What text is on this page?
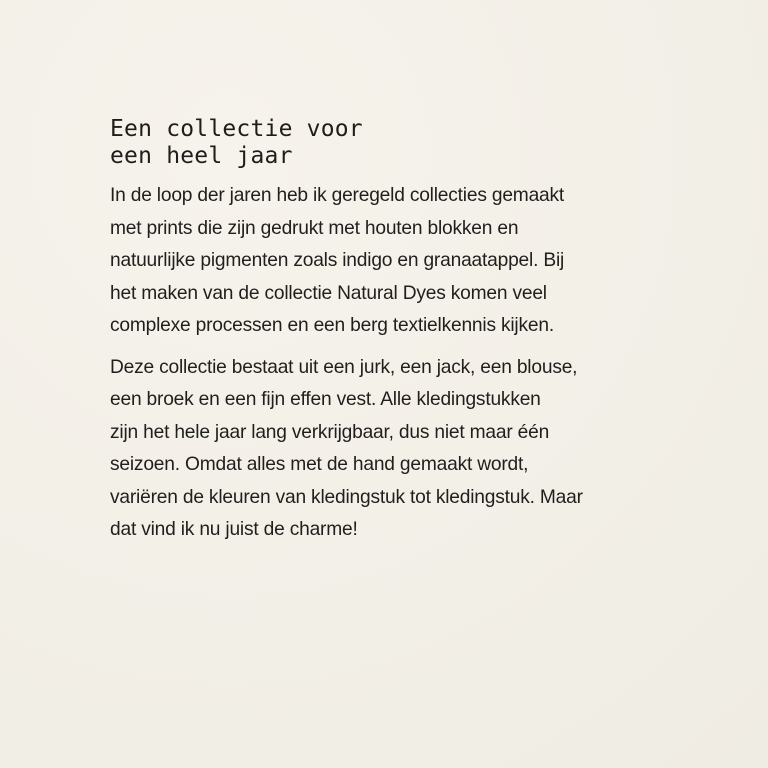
Een collectie voor
een heel jaar

In de loop der jaren heb ik geregeld collecties gemaakt
met prints die zijn gedrukt met houten blokken en
natuurlijke pigmenten zoals indigo en granaatappel. Bij
het maken van de collectie Natural Dyes komen veel
complexe processen en een berg textielkennis kijken.

Deze collectie bestaat uit een jurk, een jack, een blouse,
een broek en een fijn effen vest. Alle kledingstukken
zijn het hele jaar lang verkrijgbaar, dus niet maar één
seizoen. Omdat alles met de hand gemaakt wordt,
variëren de kleuren van kledingstuk tot kledingstuk. Maar
dat vind ik nu juist de charme!
